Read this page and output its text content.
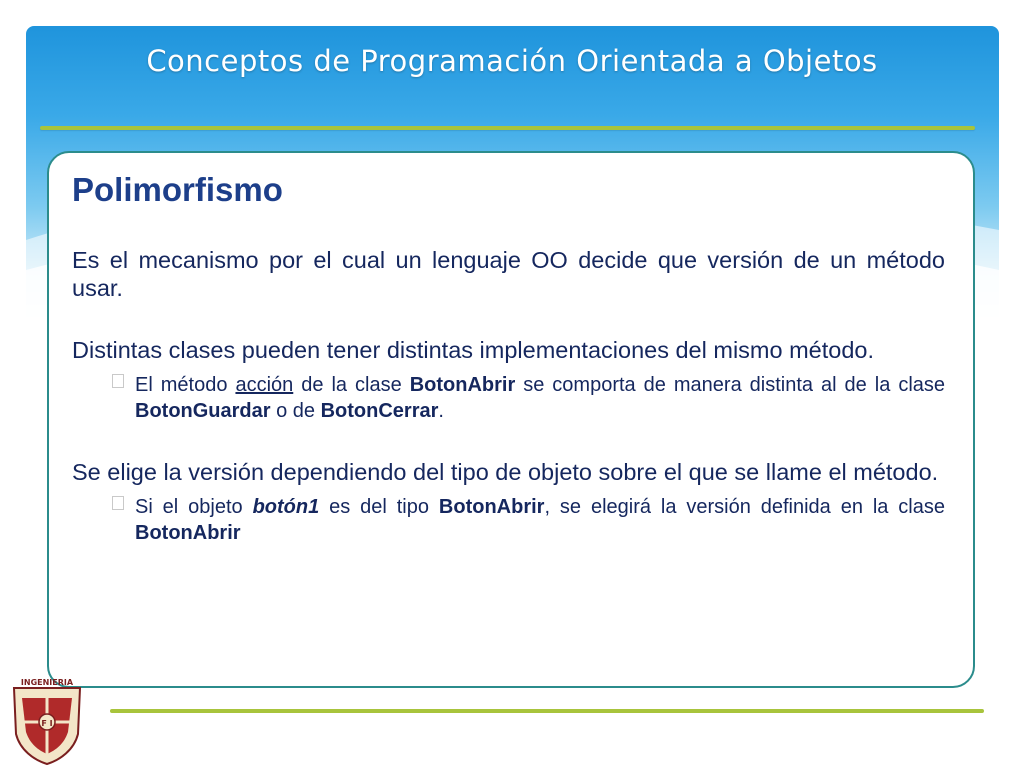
Conceptos de Programación Orientada a Objetos
Polimorfismo

Es el mecanismo por el cual un lenguaje OO decide que versión de un método usar.

Distintas clases pueden tener distintas implementaciones del mismo método.

El método acción de la clase BotonAbrir se comporta de manera distinta al de la clase BotonGuardar o de BotonCerrar.

Se elige la versión dependiendo del tipo de objeto sobre el que se llame el método.

Si el objeto botón1 es del tipo BotonAbrir, se elegirá la versión definida en la clase BotonAbrir
INGENIERIA
F I
